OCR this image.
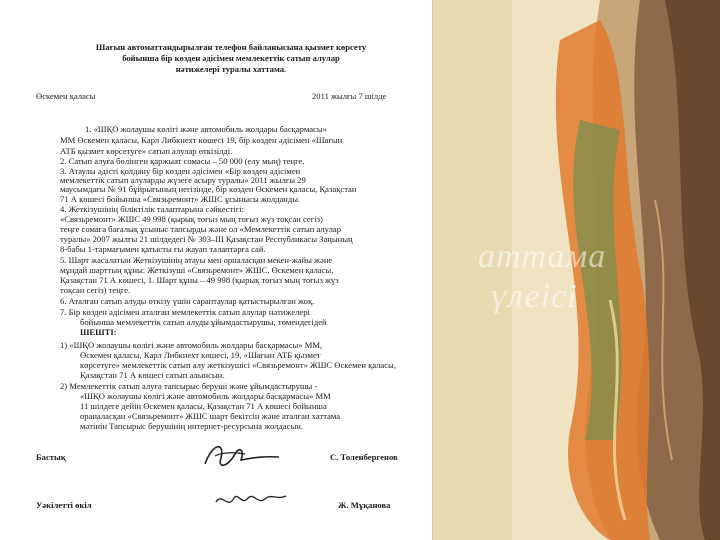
аттама
үлеісі
Шағын автоматтандырылған телефон байланысына қызмет көрсету
бойынша бір көзден әдісімен мемлекеттік сатып алулар
нәтижелері туралы хаттама.
Өскемен қаласы	2011 жылғы 7 шілде
1. «ШҚО жолаушы көлігі және автомобиль жолдары басқармасы»
ММ Өскемен қаласы, Карл Либкнехт көшесі 19, бір көзден әдісімен «Шағын
АТБ қызмет көрсетуге» сатып алулар өткізілді.
2. Сатып алуға бөлінген қаржыат сомасы – 50 000 (елу мың) теңге.
3. Атаулы әдісті қолдану бір көзден әдісімен «Бір көзден әдісімен
мемлекеттік сатып алуларды жүзеге асыру туралы» 2011 жылғы 29
маусымдағы № 91 бұйрығының негізінде, бір көзден Өскемен қаласы, Қазақстан
71 А көшесі бойынша «Связьремонт» ЖШС ұсынысы жолданды.
4. Жеткізушінің біліктілік талаптарына сәйкестігі:
«Связьремонт» ЖШС 49 998 (қырық тоғыз мың тоғыз жүз тоқсан сегіз)
теңге сомаға бағалық ұсыныс тапсырды және ол «Мемлекеттік сатып алулар
туралы» 2007 жылғы 21 шілдедегі № 303–ІІІ Қазақстан Республикасы Заңының
8-бабы 1-тармағымен қатысты ғы жауап талаптарға сай.
5. Шарт жасалатын Жеткізушінің атауы мен орналасқан мекен-жайы және
мұндай шарттың құны: Жеткізуші «Связьремонт» ЖШС, Өскемен қаласы,
Қазақстан 71 А көшесі, 1. Шарт құны – 49 998 (қырық тоғыз мың тоғыз жүз
тоқсан сегіз) теңге.
6. Аталған сатып алуды өткізу үшін сараптаулар қатыстырылған жоқ.
7. Бір көзден әдісімен аталған мемлекеттік сатып алулар нәтижелері
бойынша мемлекеттік сатып алуды ұйымдастырушы, төмендегідей
ШЕШТІ:
1) «ШҚО жолаушы көлігі және автомобиль жолдары басқармасы» ММ,
Өскемен қаласы, Карл Либкнехт көшесі, 19, «Шағын АТБ қызмет
көрсетуге» мемлекеттік сатып алу жеткізушісі «Связьремонт» ЖШС Өскемен қаласы,
Қазақстан 71 А көшесі сатып алынсын.
2) Мемлекеттік сатып алуға тапсырыс беруші және ұйымдастырушы -
«ШҚО жолаушы көлігі және автомобиль жолдары басқармасы» ММ
11 шілдеге дейін Өскемен қаласы, Қазақстан 71 А көшесі бойынша
ораналасқан «Связьремонт» ЖШС шарт бекітсін және аталған хаттама
мәтінін Тапсырыс берушінің интернет-ресурсына жолдасын.
Бастық	С. Толенбергенов
Уәкілетті өкіл	Ж. Мұқанова
